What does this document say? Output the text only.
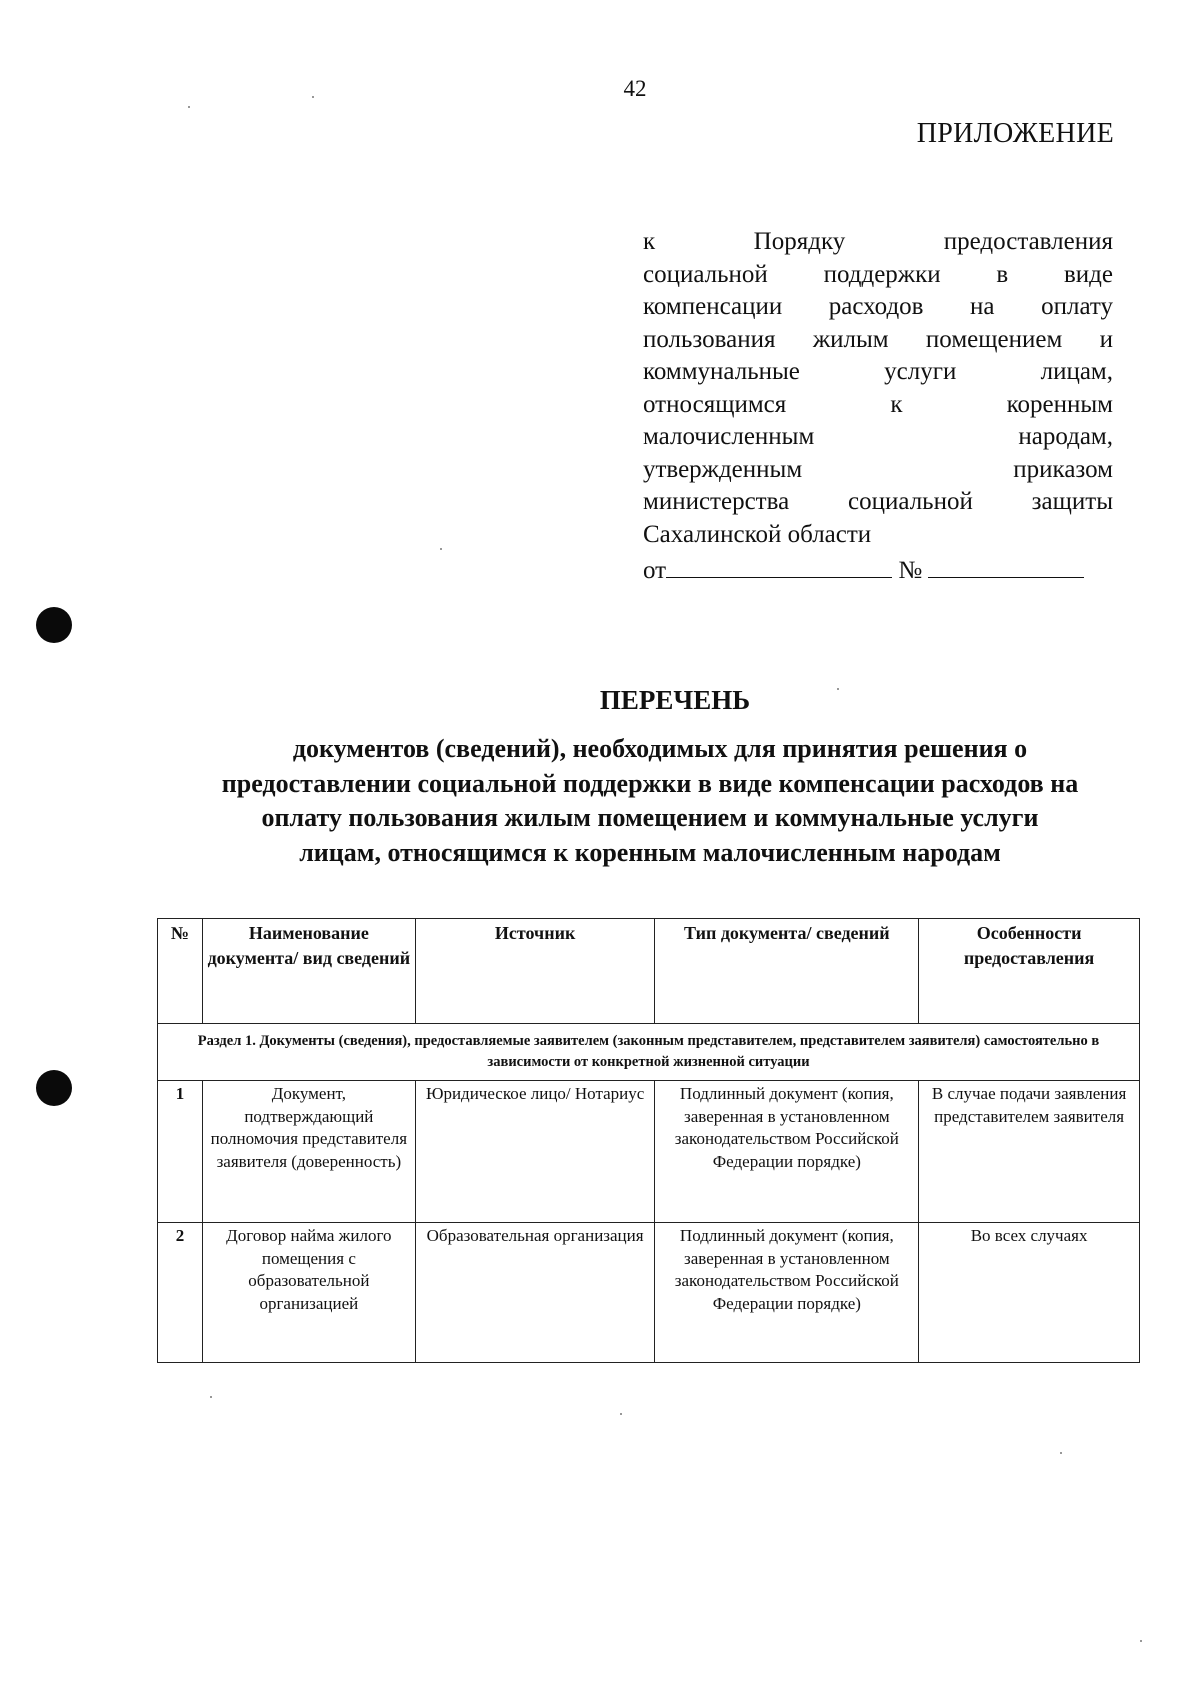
42
ПРИЛОЖЕНИЕ
к Порядку предоставления
социальной поддержки в виде
компенсации расходов на оплату
пользования жилым помещением и
коммунальные услуги лицам,
относящимся к коренным
малочисленным народам,
утвержденным приказом
министерства социальной защиты
Сахалинской области
от	№
ПЕРЕЧЕНЬ
документов (сведений), необходимых для принятия решения о
предоставлении социальной поддержки в виде компенсации расходов на
оплату пользования жилым помещением и коммунальные услуги
лицам, относящимся к коренным малочисленным народам
№	Наименование документа/ вид сведений	Источник	Тип документа/ сведений	Особенности предоставления
Раздел 1. Документы (сведения), предоставляемые заявителем (законным представителем, представителем заявителя) самостоятельно в зависимости от конкретной жизненной ситуации				
1	Документ, подтверждающий полномочия представителя заявителя (доверенность)	Юридическое лицо/ Нотариус	Подлинный документ (копия, заверенная в установленном законодательством Российской Федерации порядке)	В случае подачи заявления представителем заявителя
2	Договор найма жилого помещения с образовательной организацией	Образовательная организация	Подлинный документ (копия, заверенная в установленном законодательством Российской Федерации порядке)	Во всех случаях
